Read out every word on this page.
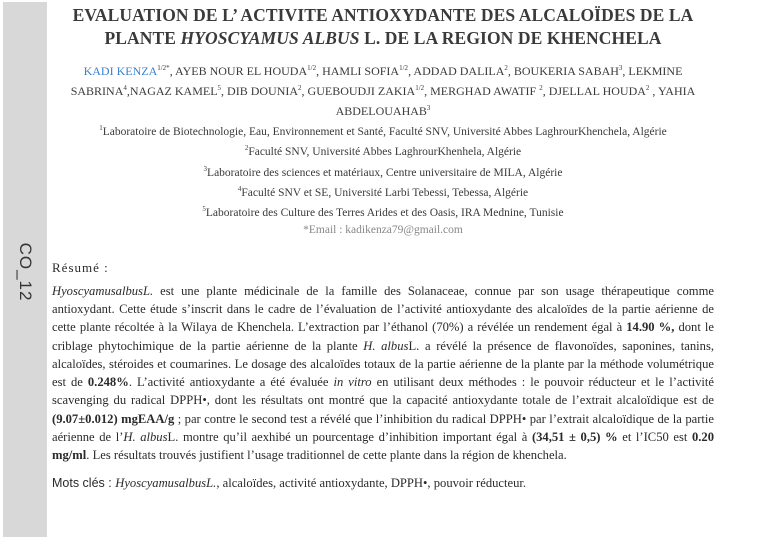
CO_12
EVALUATION DE L’ ACTIVITE ANTIOXYDANTE DES ALCALOÏDES DE LA
PLANTE HYOSCYAMUS ALBUS L. DE LA REGION DE KHENCHELA
KADI $KENZA^{1/2*}$, AYEB NOUR EL $HOUDA^{1/2}$, HAMLI $SOFIA^{1/2}$, ADDAD DALILA$^2$, BOUKERIA SABAH$^3$, LEKMINE SABRINA$^4$,NAGAZ KAMEL$^5$, DIB DOUNIA$^2$, GUEBOUDJI $ZAKIA^{1/2}$, MERGHAD AWATIF $^2$, DJELLAL HOUDA$^2$ , YAHIA ABDELOUAHAB$^3$
$^1$Laboratoire de Biotechnologie, Eau, Environnement et Santé, Faculté SNV, Université Abbes LaghrourKhenchela, Algérie
$^2$Faculté SNV, Université Abbes LaghrourKhenhela, Algérie
$^3$Laboratoire des sciences et matériaux, Centre universitaire de MILA, Algérie
$^4$Faculté SNV et SE, Université Larbi Tebessi, Tebessa, Algérie
$^5$Laboratoire des Culture des Terres Arides et des Oasis, IRA Mednine, Tunisie
*Email : kadikenza79@gmail.com
Résumé :
HyoscyamusalbusL. est une plante médicinale de la famille des Solanaceae, connue par son usage thérapeutique comme antioxydant. Cette étude s’inscrit dans le cadre de l’évaluation de l’activité antioxydante des alcaloïdes de la partie aérienne de cette plante récoltée à la Wilaya de Khenchela. L’extraction par l’éthanol (70%) a révélée un rendement égal à 14.90 %, dont le criblage phytochimique de la partie aérienne de la plante H. albusL. a révélé la présence de flavonoïdes, saponines, tanins, alcaloïdes, stéroides et coumarines. Le dosage des alcaloïdes totaux de la partie aérienne de la plante par la méthode volumétrique est de 0.248%. L’activité antioxydante a été évaluée in vitro en utilisant deux méthodes : le pouvoir réducteur et le l’activité scavenging du radical DPPH•, dont les résultats ont montré que la capacité antioxydante totale de l’extrait alcaloïdique est de (9.07±0.012) mgEAA/g ; par contre le second test a révélé que l’inhibition du radical DPPH• par l’extrait alcaloïdique de la partie aérienne de l’H. albusL. montre qu’il aexhibé un pourcentage d’inhibition important égal à (34,51 ± 0,5) % et l’IC50 est 0.20 mg/ml. Les résultats trouvés justifient l’usage traditionnel de cette plante dans la région de khenchela.
Mots clés : HyoscyamusalbusL., alcaloïdes, activité antioxydante, DPPH•, pouvoir réducteur.
